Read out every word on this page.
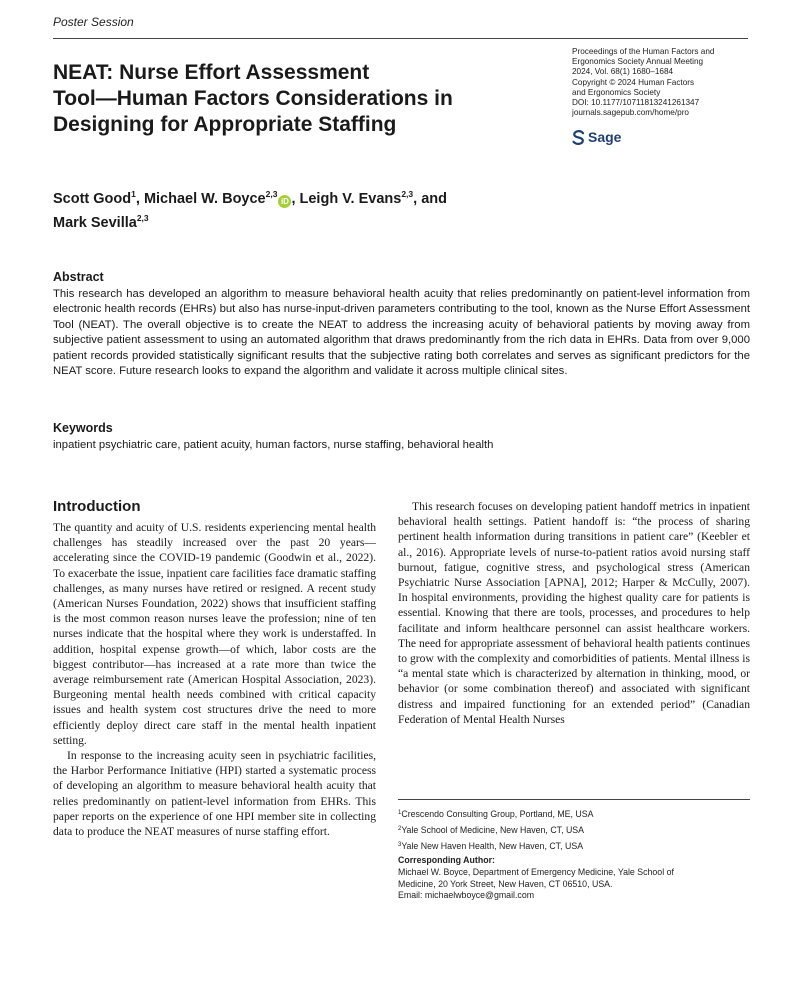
Poster Session
NEAT: Nurse Effort Assessment
Tool—Human Factors Considerations in
Designing for Appropriate Staffing
Proceedings of the Human Factors and
Ergonomics Society Annual Meeting
2024, Vol. 68(1) 1680–1684
Copyright © 2024 Human Factors
and Ergonomics Society
DOI: 10.1177/10711813241261347
journals.sagepub.com/home/pro
Sage
Scott Good$^1$, Michael W. Boyce$^{2,3}$iD , Leigh V. Evans$^{2,3}$, and
Mark Sevilla$^{2,3}$
Abstract

This research has developed an algorithm to measure behavioral health acuity that relies predominantly on patient-level information from electronic health records (EHRs) but also has nurse-input-driven parameters contributing to the tool, known as the Nurse Effort Assessment Tool (NEAT). The overall objective is to create the NEAT to address the increasing acuity of behavioral patients by moving away from subjective patient assessment to using an automated algorithm that draws predominantly from the rich data in EHRs. Data from over 9,000 patient records provided statistically significant results that the subjective rating both correlates and serves as significant predictors for the NEAT score. Future research looks to expand the algorithm and validate it across multiple clinical sites.

Keywords

inpatient psychiatric care, patient acuity, human factors, nurse staffing, behavioral health

Introduction

The quantity and acuity of U.S. residents experiencing mental health challenges has steadily increased over the past 20 years—accelerating since the COVID-19 pandemic (Goodwin et al., 2022). To exacerbate the issue, inpatient care facilities face dramatic staffing challenges, as many nurses have retired or resigned. A recent study (American Nurses Foundation, 2022) shows that insufficient staffing is the most common reason nurses leave the profession; nine of ten nurses indicate that the hospital where they work is understaffed. In addition, hospital expense growth—of which, labor costs are the biggest contributor—has increased at a rate more than twice the average reimbursement rate (American Hospital Association, 2023). Burgeoning mental health needs combined with critical capacity issues and health system cost structures drive the need to more efficiently deploy direct care staff in the mental health inpatient setting.

In response to the increasing acuity seen in psychiatric facilities, the Harbor Performance Initiative (HPI) started a systematic process of developing an algorithm to measure behavioral health acuity that relies predominantly on patient-level information from EHRs. This paper reports on the experience of one HPI member site in collecting data to produce the NEAT measures of nurse staffing effort.

This research focuses on developing patient handoff metrics in inpatient behavioral health settings. Patient handoff is: “the process of sharing pertinent health information during transitions in patient care” (Keebler et al., 2016). Appropriate levels of nurse-to-patient ratios avoid nursing staff burnout, fatigue, cognitive stress, and psychological stress (American Psychiatric Nurse Association [APNA], 2012; Harper & McCully, 2007). In hospital environments, providing the highest quality care for patients is essential. Knowing that there are tools, processes, and procedures to help facilitate and inform healthcare personnel can assist healthcare workers. The need for appropriate assessment of behavioral health patients continues to grow with the complexity and comorbidities of patients. Mental illness is “a mental state which is characterized by alternation in thinking, mood, or behavior (or some combination thereof) and associated with significant distress and impaired functioning for an extended period” (Canadian Federation of Mental Health Nurses

$^1$Crescendo Consulting Group, Portland, ME, USA
$^2$Yale School of Medicine, New Haven, CT, USA
$^3$Yale New Haven Health, New Haven, CT, USA
Corresponding Author:
Michael W. Boyce, Department of Emergency Medicine, Yale School of
Medicine, 20 York Street, New Haven, CT 06510, USA.
Email: michaelwboyce@gmail.com
